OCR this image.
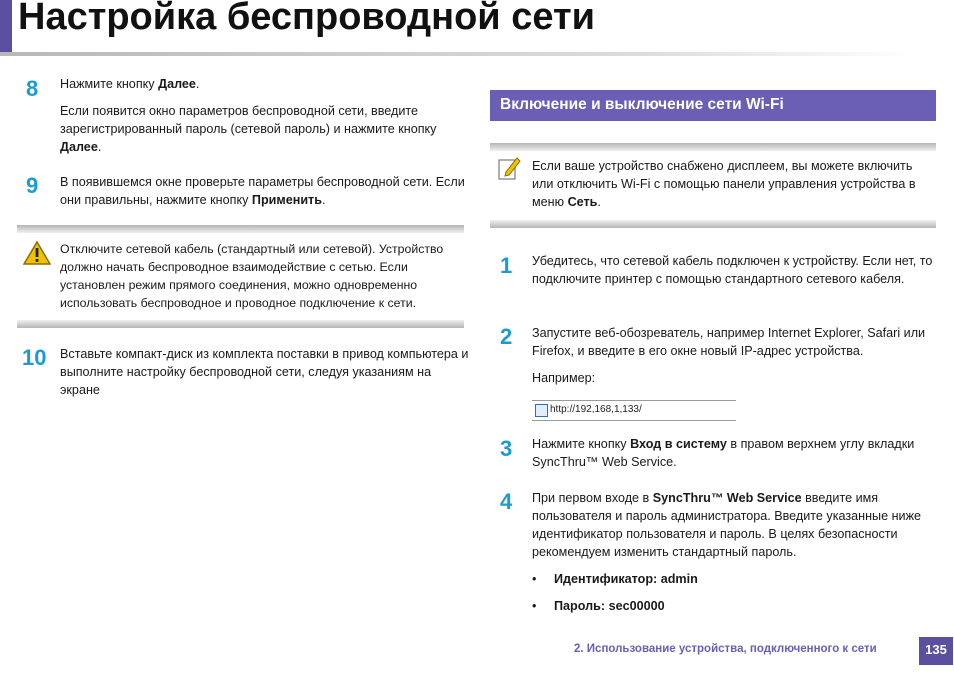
Настройка беспроводной сети
8 Нажмите кнопку Далее.
Если появится окно параметров беспроводной сети, введите зарегистрированный пароль (сетевой пароль) и нажмите кнопку Далее.
9 В появившемся окне проверьте параметры беспроводной сети. Если они правильны, нажмите кнопку Применить.
Отключите сетевой кабель (стандартный или сетевой). Устройство должно начать беспроводное взаимодействие с сетью. Если установлен режим прямого соединения, можно одновременно использовать беспроводное и проводное подключение к сети.
10 Вставьте компакт-диск из комплекта поставки в привод компьютера и выполните настройку беспроводной сети, следуя указаниям на экране
Включение и выключение сети Wi-Fi
Если ваше устройство снабжено дисплеем, вы можете включить или отключить Wi-Fi с помощью панели управления устройства в меню Сеть.
1 Убедитесь, что сетевой кабель подключен к устройству. Если нет, то подключите принтер с помощью стандартного сетевого кабеля.
2 Запустите веб-обозреватель, например Internet Explorer, Safari или Firefox, и введите в его окне новый IP-адрес устройства.
Например:
http://192,168,1,133/
3 Нажмите кнопку Вход в систему в правом верхнем углу вкладки SyncThru™ Web Service.
4 При первом входе в SyncThru™ Web Service введите имя пользователя и пароль администратора. Введите указанные ниже идентификатор пользователя и пароль. В целях безопасности рекомендуем изменить стандартный пароль.
• Идентификатор: admin
• Пароль: sec00000
2. Использование устройства, подключенного к сети	135
